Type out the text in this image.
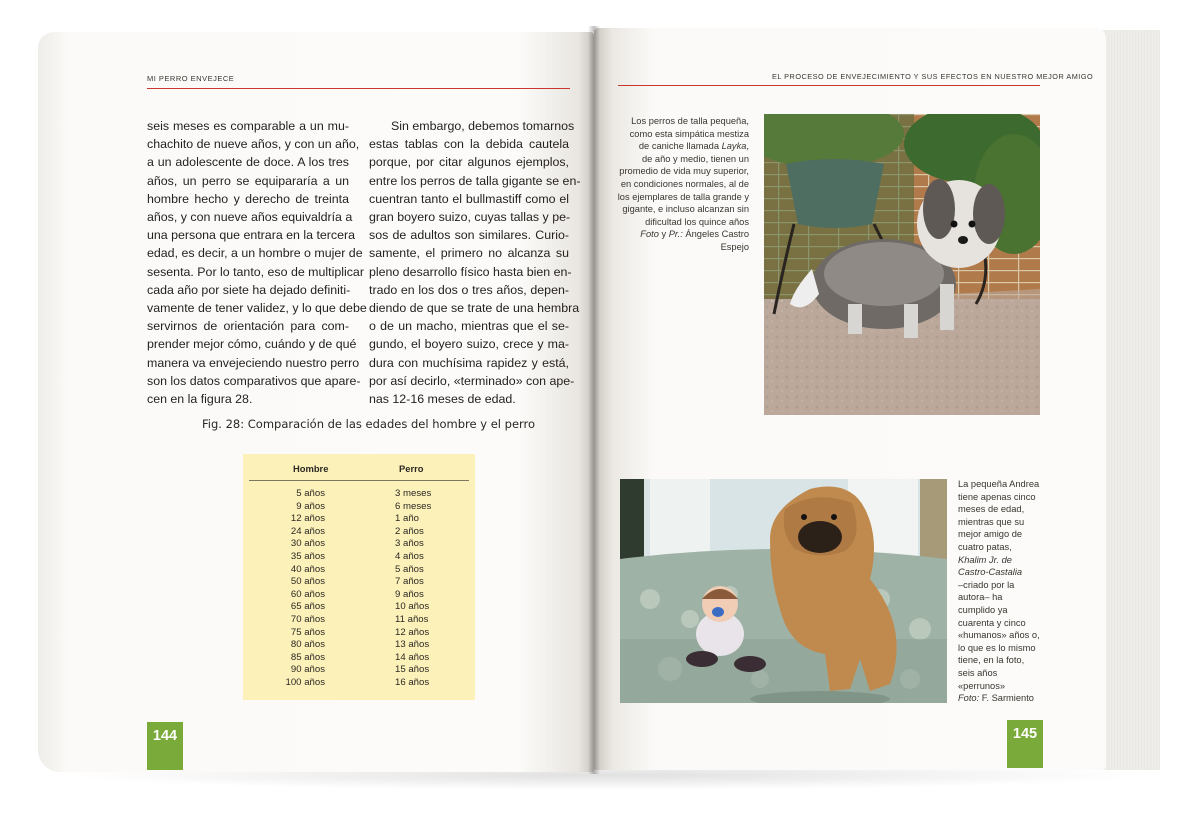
MI PERRO ENVEJECE
seis meses es comparable a un mu-
chachito de nueve años, y con un año,
a un adolescente de doce. A los tres
años, un perro se equipararía a un
hombre hecho y derecho de treinta
años, y con nueve años equivaldría a
una persona que entrara en la tercera
edad, es decir, a un hombre o mujer de
sesenta. Por lo tanto, eso de multiplicar
cada año por siete ha dejado definiti-
vamente de tener validez, y lo que debe
servirnos de orientación para com-
prender mejor cómo, cuándo y de qué
manera va envejeciendo nuestro perro
son los datos comparativos que apare-
cen en la figura 28.
Sin embargo, debemos tomarnos
estas tablas con la debida cautela
porque, por citar algunos ejemplos,
entre los perros de talla gigante se en-
cuentran tanto el bullmastiff como el
gran boyero suizo, cuyas tallas y pe-
sos de adultos son similares. Curio-
samente, el primero no alcanza su
pleno desarrollo físico hasta bien en-
trado en los dos o tres años, depen-
diendo de que se trate de una hembra
o de un macho, mientras que el se-
gundo, el boyero suizo, crece y ma-
dura con muchísima rapidez y está,
por así decirlo, «terminado» con ape-
nas 12-16 meses de edad.
Fig. 28: Comparación de las edades del hombre y el perro
Hombre	Perro
5 años
9 años
12 años
24 años
30 años
35 años
40 años
50 años
60 años
65 años
70 años
75 años
80 años
85 años
90 años
100 años
3 meses
6 meses
1 año
2 años
3 años
4 años
5 años
7 años
9 años
10 años
11 años
12 años
13 años
14 años
15 años
16 años
144
EL PROCESO DE ENVEJECIMIENTO Y SUS EFECTOS EN NUESTRO MEJOR AMIGO
Los perros de talla pequeña,
como esta simpática mestiza
de caniche llamada Layka,
de año y medio, tienen un
promedio de vida muy superior,
en condiciones normales, al de
los ejemplares de talla grande y
gigante, e incluso alcanzan sin
dificultad los quince años
Foto y Pr.: Ángeles Castro
Espejo
La pequeña Andrea
tiene apenas cinco
meses de edad,
mientras que su
mejor amigo de
cuatro patas,
Khalim Jr. de
Castro-Castalia
–criado por la
autora– ha
cumplido ya
cuarenta y cinco
«humanos» años o,
lo que es lo mismo
tiene, en la foto,
seis años
«perrunos»
Foto: F. Sarmiento
145
